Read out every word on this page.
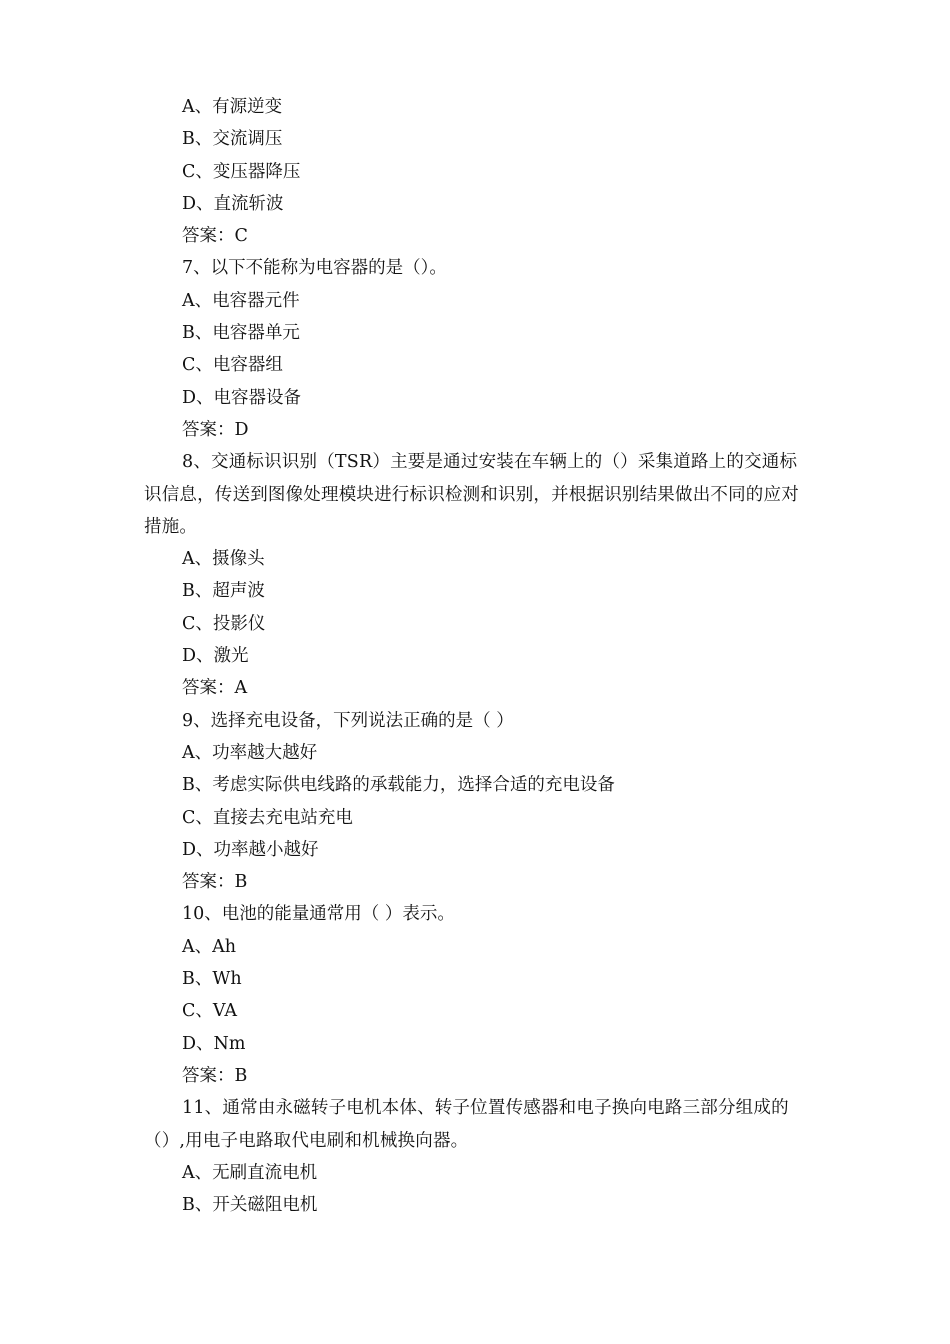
A、有源逆变
B、交流调压
C、变压器降压
D、直流斩波
答案：C
7、以下不能称为电容器的是（）。
A、电容器元件
B、电容器单元
C、电容器组
D、电容器设备
答案：D
8、交通标识识别（TSR）主要是通过安装在车辆上的（）采集道路上的交通标识信息，传送到图像处理模块进行标识检测和识别，并根据识别结果做出不同的应对措施。
A、摄像头
B、超声波
C、投影仪
D、激光
答案：A
9、选择充电设备，下列说法正确的是（ ）
A、功率越大越好
B、考虑实际供电线路的承载能力，选择合适的充电设备
C、直接去充电站充电
D、功率越小越好
答案：B
10、电池的能量通常用（ ）表示。
A、Ah
B、Wh
C、VA
D、Nm
答案：B
11、通常由永磁转子电机本体、转子位置传感器和电子换向电路三部分组成的（）,用电子电路取代电刷和机械换向器。
A、无刷直流电机
B、开关磁阻电机
